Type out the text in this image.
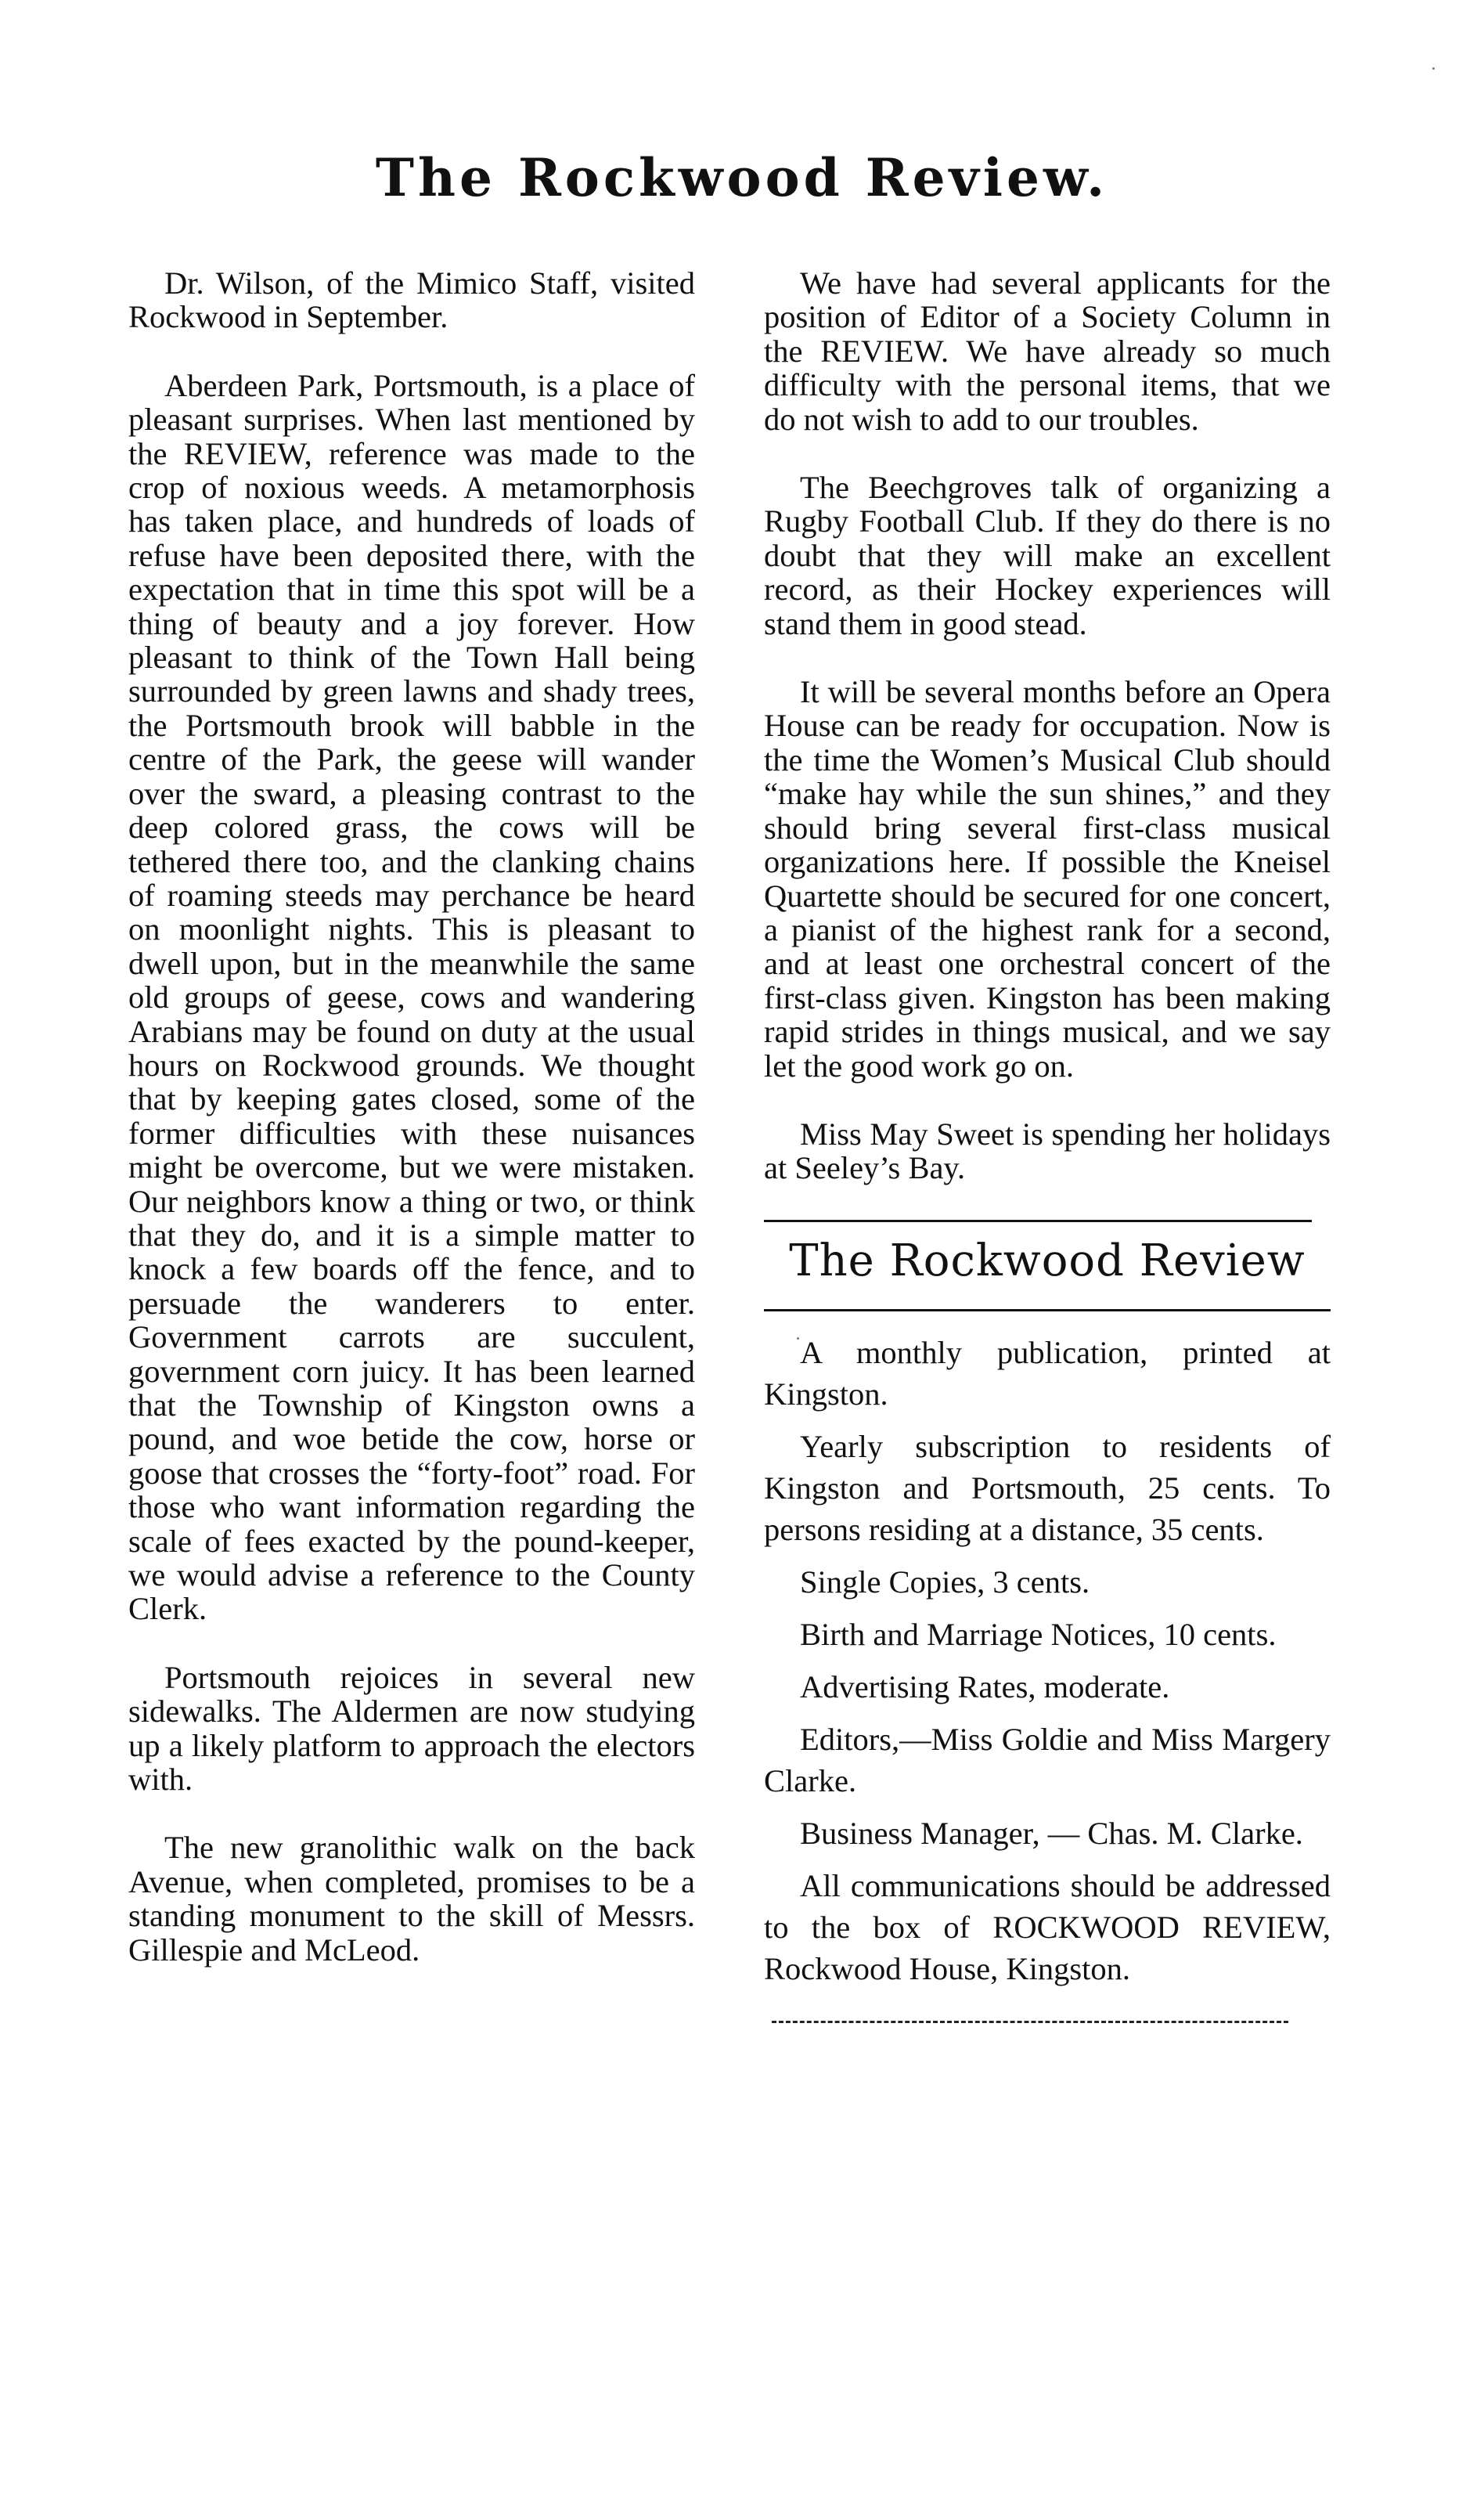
The Rockwood Review.

Dr. Wilson, of the Mimico Staff, visited Rockwood in September.

Aberdeen Park, Portsmouth, is a place of pleasant surprises. When last mentioned by the REVIEW, reference was made to the crop of noxious weeds. A metamorphosis has taken place, and hundreds of loads of refuse have been deposited there, with the expectation that in time this spot will be a thing of beauty and a joy forever. How pleasant to think of the Town Hall being surrounded by green lawns and shady trees, the Portsmouth brook will babble in the centre of the Park, the geese will wander over the sward, a pleasing contrast to the deep colored grass, the cows will be tethered there too, and the clanking chains of roaming steeds may perchance be heard on moonlight nights. This is pleasant to dwell upon, but in the meanwhile the same old groups of geese, cows and wandering Arabians may be found on duty at the usual hours on Rockwood grounds. We thought that by keeping gates closed, some of the former difficulties with these nuisances might be overcome, but we were mistaken. Our neighbors know a thing or two, or think that they do, and it is a simple matter to knock a few boards off the fence, and to persuade the wanderers to enter. Government carrots are succulent, government corn juicy. It has been learned that the Township of Kingston owns a pound, and woe betide the cow, horse or goose that crosses the “forty-foot” road. For those who want information regarding the scale of fees exacted by the pound-keeper, we would advise a reference to the County Clerk.

Portsmouth rejoices in several new sidewalks. The Aldermen are now studying up a likely platform to approach the electors with.

The new granolithic walk on the back Avenue, when completed, promises to be a standing monument to the skill of Messrs. Gillespie and McLeod.

We have had several applicants for the position of Editor of a Society Column in the REVIEW. We have already so much difficulty with the personal items, that we do not wish to add to our troubles.

The Beechgroves talk of organizing a Rugby Football Club. If they do there is no doubt that they will make an excellent record, as their Hockey experiences will stand them in good stead.

It will be several months before an Opera House can be ready for occupation. Now is the time the Women’s Musical Club should “make hay while the sun shines,” and they should bring several first-class musical organizations here. If possible the Kneisel Quartette should be secured for one concert, a pianist of the highest rank for a second, and at least one orchestral concert of the first-class given. Kingston has been making rapid strides in things musical, and we say let the good work go on.

Miss May Sweet is spending her holidays at Seeley’s Bay.

The Rockwood Review

A monthly publication, printed at Kingston.

Yearly subscription to residents of Kingston and Portsmouth, 25 cents. To persons residing at a distance, 35 cents.

Single Copies, 3 cents.

Birth and Marriage Notices, 10 cents.

Advertising Rates, moderate.

Editors,—Miss Goldie and Miss Margery Clarke.

Business Manager, — Chas. M. Clarke.

All communications should be addressed to the box of ROCKWOOD REVIEW, Rockwood House, Kingston.
